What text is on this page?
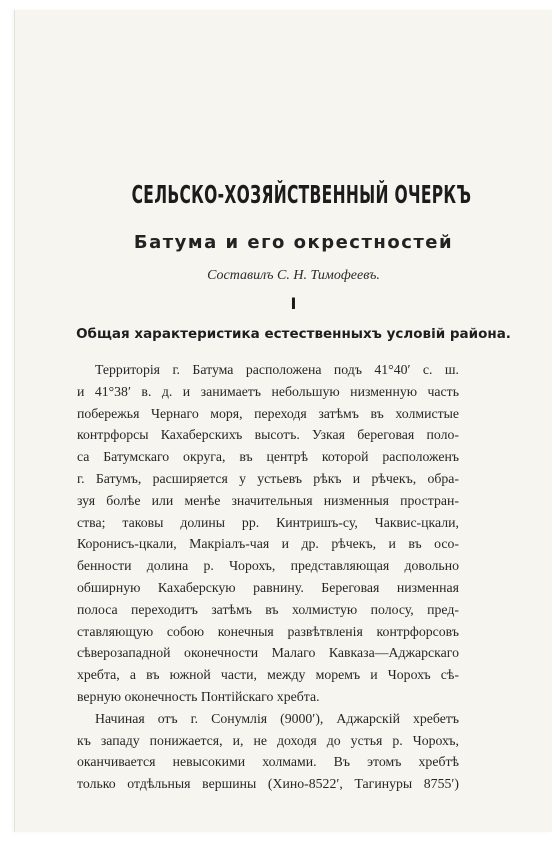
СЕЛЬСКО-ХОЗЯЙСТВЕННЫЙ ОЧЕРКЪ
Батума и его окрестностей
Составилъ С. Н. Тимофеевъ.
I
Общая характеристика естественныхъ условій района.
Территорія г. Батума расположена подъ 41°40′ с. ш.
и 41°38′ в. д. и занимаетъ небольшую низменную часть
побережья Чернаго моря, переходя затѣмъ въ холмистые
контрфорсы Кахаберскихъ высотъ. Узкая береговая поло-
са Батумскаго округа, въ центрѣ которой расположенъ
г. Батумъ, расширяется у устьевъ рѣкъ и рѣчекъ, обра-
зуя болѣе или менѣе значительныя низменныя простран-
ства; таковы долины рр. Кинтришъ-су, Чаквис-цкали,
Коронисъ-цкали, Макріалъ-чая и др. рѣчекъ, и въ осо-
бенности долина р. Чорохъ, представляющая довольно
обширную Кахаберскую равнину. Береговая низменная
полоса переходитъ затѣмъ въ холмистую полосу, пред-
ставляющую собою конечныя развѣтвленія контрфорсовъ
сѣверозападной оконечности Малаго Кавказа—Аджарскаго
хребта, а въ южной части, между моремъ и Чорохъ сѣ-
верную оконечность Понтійскаго хребта.
Начиная отъ г. Сонумлія (9000′), Аджарскій хребетъ
къ западу понижается, и, не доходя до устья р. Чорохъ,
оканчивается невысокими холмами. Въ этомъ хребтѣ
только отдѣльныя вершины (Хино-8522′, Тагинуры 8755′)
